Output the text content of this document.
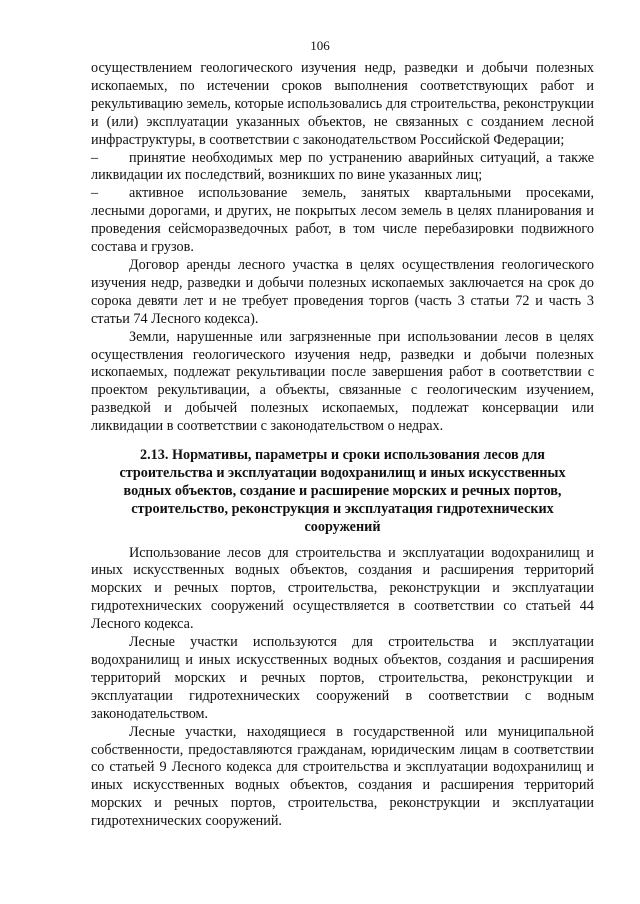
106

осуществлением геологического изучения недр, разведки и добычи полезных ископаемых, по истечении сроков выполнения соответствующих работ и рекультивацию земель, которые использовались для строительства, реконструкции и (или) эксплуатации указанных объектов, не связанных с созданием лесной инфраструктуры, в соответствии с законодательством Российской Федерации;

– принятие необходимых мер по устранению аварийных ситуаций, а также ликвидации их последствий, возникших по вине указанных лиц;

– активное использование земель, занятых квартальными просеками, лесными дорогами, и других, не покрытых лесом земель в целях планирования и проведения сейсморазведочных работ, в том числе перебазировки подвижного состава и грузов.

Договор аренды лесного участка в целях осуществления геологического изучения недр, разведки и добычи полезных ископаемых заключается на срок до сорока девяти лет и не требует проведения торгов (часть 3 статьи 72 и часть 3 статьи 74 Лесного кодекса).

Земли, нарушенные или загрязненные при использовании лесов в целях осуществления геологического изучения недр, разведки и добычи полезных ископаемых, подлежат рекультивации после завершения работ в соответствии с проектом рекультивации, а объекты, связанные с геологическим изучением, разведкой и добычей полезных ископаемых, подлежат консервации или ликвидации в соответствии с законодательством о недрах.

2.13. Нормативы, параметры и сроки использования лесов для строительства и эксплуатации водохранилищ и иных искусственных водных объектов, создание и расширение морских и речных портов, строительство, реконструкция и эксплуатация гидротехнических сооружений

Использование лесов для строительства и эксплуатации водохранилищ и иных искусственных водных объектов, создания и расширения территорий морских и речных портов, строительства, реконструкции и эксплуатации гидротехнических сооружений осуществляется в соответствии со статьей 44 Лесного кодекса.

Лесные участки используются для строительства и эксплуатации водохранилищ и иных искусственных водных объектов, создания и расширения территорий морских и речных портов, строительства, реконструкции и эксплуатации гидротехнических сооружений в соответствии с водным законодательством.

Лесные участки, находящиеся в государственной или муниципальной собственности, предоставляются гражданам, юридическим лицам в соответствии со статьей 9 Лесного кодекса для строительства и эксплуатации водохранилищ и иных искусственных водных объектов, создания и расширения территорий морских и речных портов, строительства, реконструкции и эксплуатации гидротехнических сооружений.
